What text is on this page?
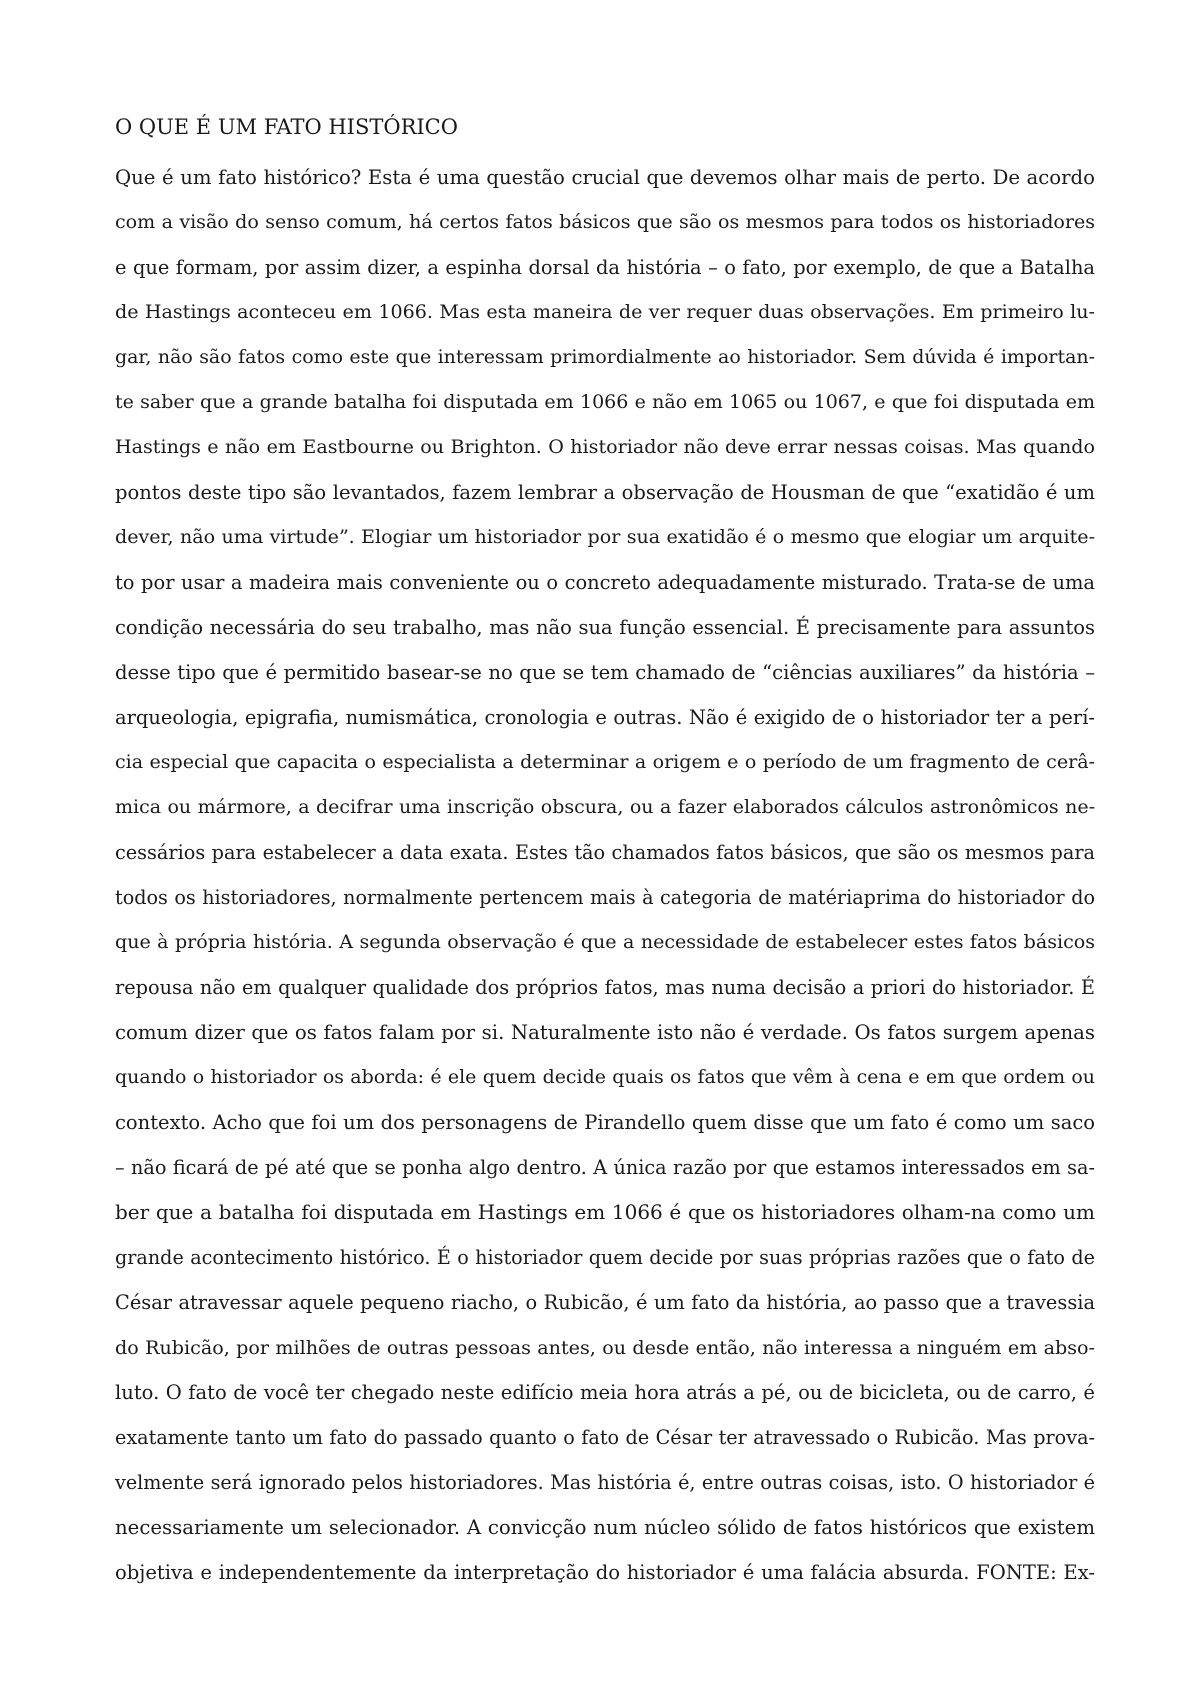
O QUE É UM FATO HISTÓRICO
Que é um fato histórico? Esta é uma questão crucial que devemos olhar mais de perto. De acordo
com a visão do senso comum, há certos fatos básicos que são os mesmos para todos os historiadores
e que formam, por assim dizer, a espinha dorsal da história – o fato, por exemplo, de que a Batalha
de Hastings aconteceu em 1066. Mas esta maneira de ver requer duas observações. Em primeiro lu-
gar, não são fatos como este que interessam primordialmente ao historiador. Sem dúvida é importan-
te saber que a grande batalha foi disputada em 1066 e não em 1065 ou 1067, e que foi disputada em
Hastings e não em Eastbourne ou Brighton. O historiador não deve errar nessas coisas. Mas quando
pontos deste tipo são levantados, fazem lembrar a observação de Housman de que “exatidão é um
dever, não uma virtude”. Elogiar um historiador por sua exatidão é o mesmo que elogiar um arquite-
to por usar a madeira mais conveniente ou o concreto adequadamente misturado. Trata-se de uma
condição necessária do seu trabalho, mas não sua função essencial. É precisamente para assuntos
desse tipo que é permitido basear-se no que se tem chamado de “ciências auxiliares” da história –
arqueologia, epigrafia, numismática, cronologia e outras. Não é exigido de o historiador ter a perí-
cia especial que capacita o especialista a determinar a origem e o período de um fragmento de cerâ-
mica ou mármore, a decifrar uma inscrição obscura, ou a fazer elaborados cálculos astronômicos ne-
cessários para estabelecer a data exata. Estes tão chamados fatos básicos, que são os mesmos para
todos os historiadores, normalmente pertencem mais à categoria de matériaprima do historiador do
que à própria história. A segunda observação é que a necessidade de estabelecer estes fatos básicos
repousa não em qualquer qualidade dos próprios fatos, mas numa decisão a priori do historiador. É
comum dizer que os fatos falam por si. Naturalmente isto não é verdade. Os fatos surgem apenas
quando o historiador os aborda: é ele quem decide quais os fatos que vêm à cena e em que ordem ou
contexto. Acho que foi um dos personagens de Pirandello quem disse que um fato é como um saco
– não ficará de pé até que se ponha algo dentro. A única razão por que estamos interessados em sa-
ber que a batalha foi disputada em Hastings em 1066 é que os historiadores olham-na como um
grande acontecimento histórico. É o historiador quem decide por suas próprias razões que o fato de
César atravessar aquele pequeno riacho, o Rubicão, é um fato da história, ao passo que a travessia
do Rubicão, por milhões de outras pessoas antes, ou desde então, não interessa a ninguém em abso-
luto. O fato de você ter chegado neste edifício meia hora atrás a pé, ou de bicicleta, ou de carro, é
exatamente tanto um fato do passado quanto o fato de César ter atravessado o Rubicão. Mas prova-
velmente será ignorado pelos historiadores. Mas história é, entre outras coisas, isto. O historiador é
necessariamente um selecionador. A convicção num núcleo sólido de fatos históricos que existem
objetiva e independentemente da interpretação do historiador é uma falácia absurda. FONTE: Ex-
